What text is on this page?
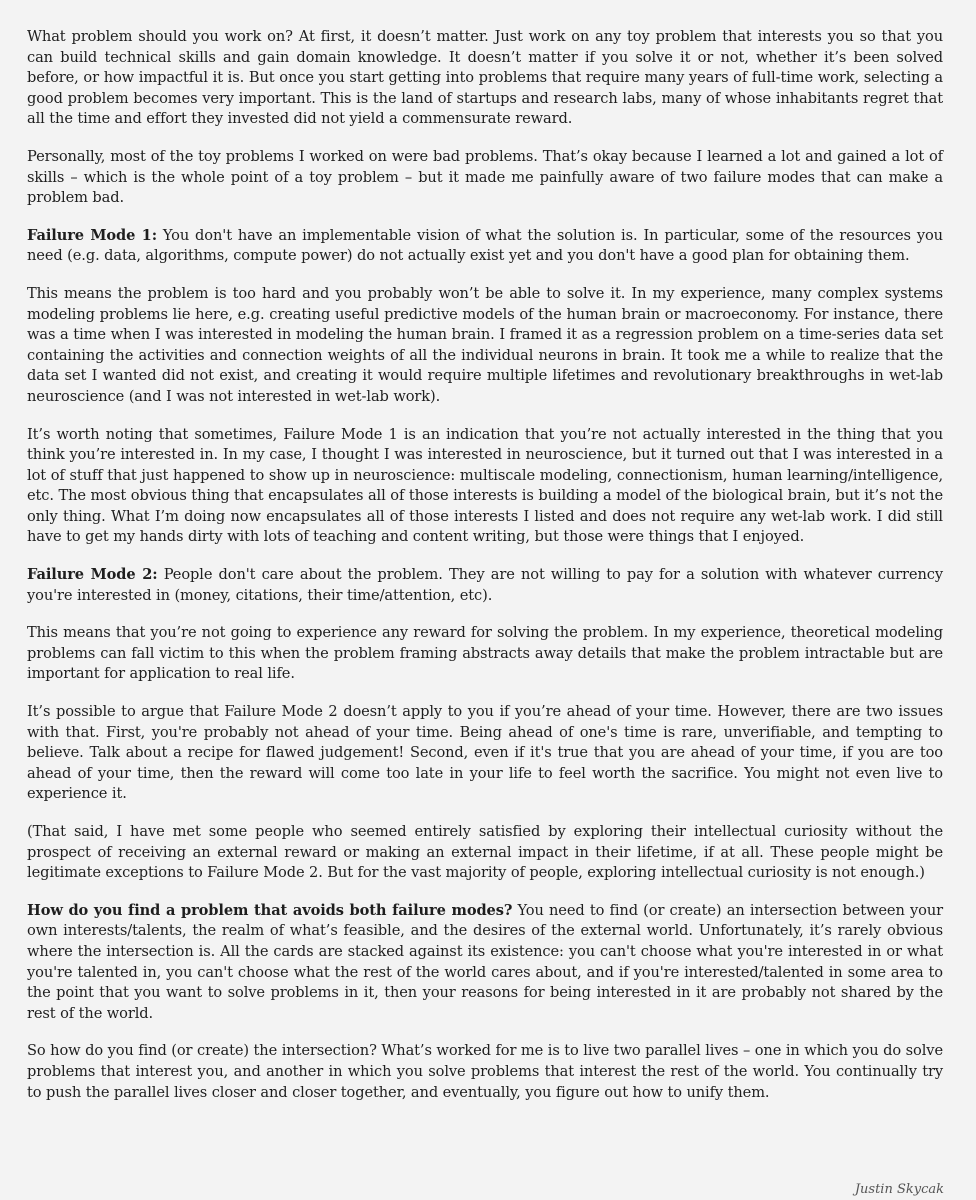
What problem should you work on? At first, it doesn’t matter. Just work on any toy problem that interests you so that you can build technical skills and gain domain knowledge. It doesn’t matter if you solve it or not, whether it’s been solved before, or how impactful it is. But once you start getting into problems that require many years of full-time work, selecting a good problem becomes very important. This is the land of startups and research labs, many of whose inhabitants regret that all the time and effort they invested did not yield a commensurate reward.

Personally, most of the toy problems I worked on were bad problems. That’s okay because I learned a lot and gained a lot of skills – which is the whole point of a toy problem – but it made me painfully aware of two failure modes that can make a problem bad.

Failure Mode 1: You don't have an implementable vision of what the solution is. In particular, some of the resources you need (e.g. data, algorithms, compute power) do not actually exist yet and you don't have a good plan for obtaining them.

This means the problem is too hard and you probably won’t be able to solve it. In my experience, many complex systems modeling problems lie here, e.g. creating useful predictive models of the human brain or macroeconomy. For instance, there was a time when I was interested in modeling the human brain. I framed it as a regression problem on a time-series data set containing the activities and connection weights of all the individual neurons in brain. It took me a while to realize that the data set I wanted did not exist, and creating it would require multiple lifetimes and revolutionary breakthroughs in wet-lab neuroscience (and I was not interested in wet-lab work).

It’s worth noting that sometimes, Failure Mode 1 is an indication that you’re not actually interested in the thing that you think you’re interested in. In my case, I thought I was interested in neuroscience, but it turned out that I was interested in a lot of stuff that just happened to show up in neuroscience: multiscale modeling, connectionism, human learning/intelligence, etc. The most obvious thing that encapsulates all of those interests is building a model of the biological brain, but it’s not the only thing. What I’m doing now encapsulates all of those interests I listed and does not require any wet-lab work. I did still have to get my hands dirty with lots of teaching and content writing, but those were things that I enjoyed.

Failure Mode 2: People don't care about the problem. They are not willing to pay for a solution with whatever currency you're interested in (money, citations, their time/attention, etc).

This means that you’re not going to experience any reward for solving the problem. In my experience, theoretical modeling problems can fall victim to this when the problem framing abstracts away details that make the problem intractable but are important for application to real life.

It’s possible to argue that Failure Mode 2 doesn’t apply to you if you’re ahead of your time. However, there are two issues with that. First, you're probably not ahead of your time. Being ahead of one's time is rare, unverifiable, and tempting to believe. Talk about a recipe for flawed judgement! Second, even if it's true that you are ahead of your time, if you are too ahead of your time, then the reward will come too late in your life to feel worth the sacrifice. You might not even live to experience it.

(That said, I have met some people who seemed entirely satisfied by exploring their intellectual curiosity without the prospect of receiving an external reward or making an external impact in their lifetime, if at all. These people might be legitimate exceptions to Failure Mode 2. But for the vast majority of people, exploring intellectual curiosity is not enough.)

How do you find a problem that avoids both failure modes? You need to find (or create) an intersection between your own interests/talents, the realm of what’s feasible, and the desires of the external world. Unfortunately, it’s rarely obvious where the intersection is. All the cards are stacked against its existence: you can't choose what you're interested in or what you're talented in, you can't choose what the rest of the world cares about, and if you're interested/talented in some area to the point that you want to solve problems in it, then your reasons for being interested in it are probably not shared by the rest of the world.

So how do you find (or create) the intersection? What’s worked for me is to live two parallel lives – one in which you do solve problems that interest you, and another in which you solve problems that interest the rest of the world. You continually try to push the parallel lives closer and closer together, and eventually, you figure out how to unify them.

Justin Skycak
